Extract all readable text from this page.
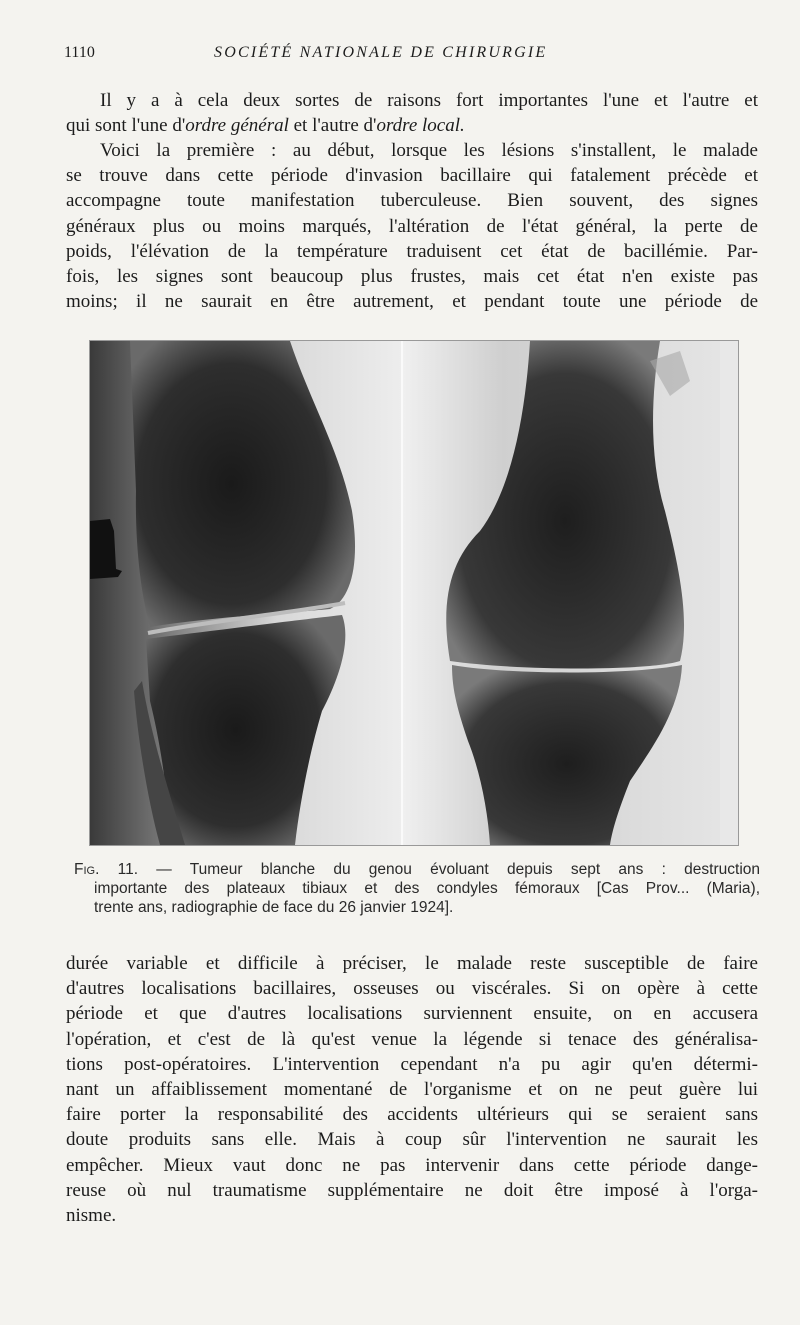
1110	SOCIÉTÉ NATIONALE DE CHIRURGIE
Il y a à cela deux sortes de raisons fort importantes l'une et l'autre et
qui sont l'une d'ordre général et l'autre d'ordre local.
Voici la première : au début, lorsque les lésions s'installent, le malade
se trouve dans cette période d'invasion bacillaire qui fatalement précède et
accompagne toute manifestation tuberculeuse. Bien souvent, des signes
généraux plus ou moins marqués, l'altération de l'état général, la perte de
poids, l'élévation de la température traduisent cet état de bacillémie. Par-
fois, les signes sont beaucoup plus frustes, mais cet état n'en existe pas
moins; il ne saurait en être autrement, et pendant toute une période de
Fig. 11. — Tumeur blanche du genou évoluant depuis sept ans : destruction
importante des plateaux tibiaux et des condyles fémoraux [Cas Prov... (Maria),
trente ans, radiographie de face du 26 janvier 1924].
durée variable et difficile à préciser, le malade reste susceptible de faire
d'autres localisations bacillaires, osseuses ou viscérales. Si on opère à cette
période et que d'autres localisations surviennent ensuite, on en accusera
l'opération, et c'est de là qu'est venue la légende si tenace des généralisa-
tions post-opératoires. L'intervention cependant n'a pu agir qu'en détermi-
nant un affaiblissement momentané de l'organisme et on ne peut guère lui
faire porter la responsabilité des accidents ultérieurs qui se seraient sans
doute produits sans elle. Mais à coup sûr l'intervention ne saurait les
empêcher. Mieux vaut donc ne pas intervenir dans cette période dange-
reuse où nul traumatisme supplémentaire ne doit être imposé à l'orga-
nisme.
